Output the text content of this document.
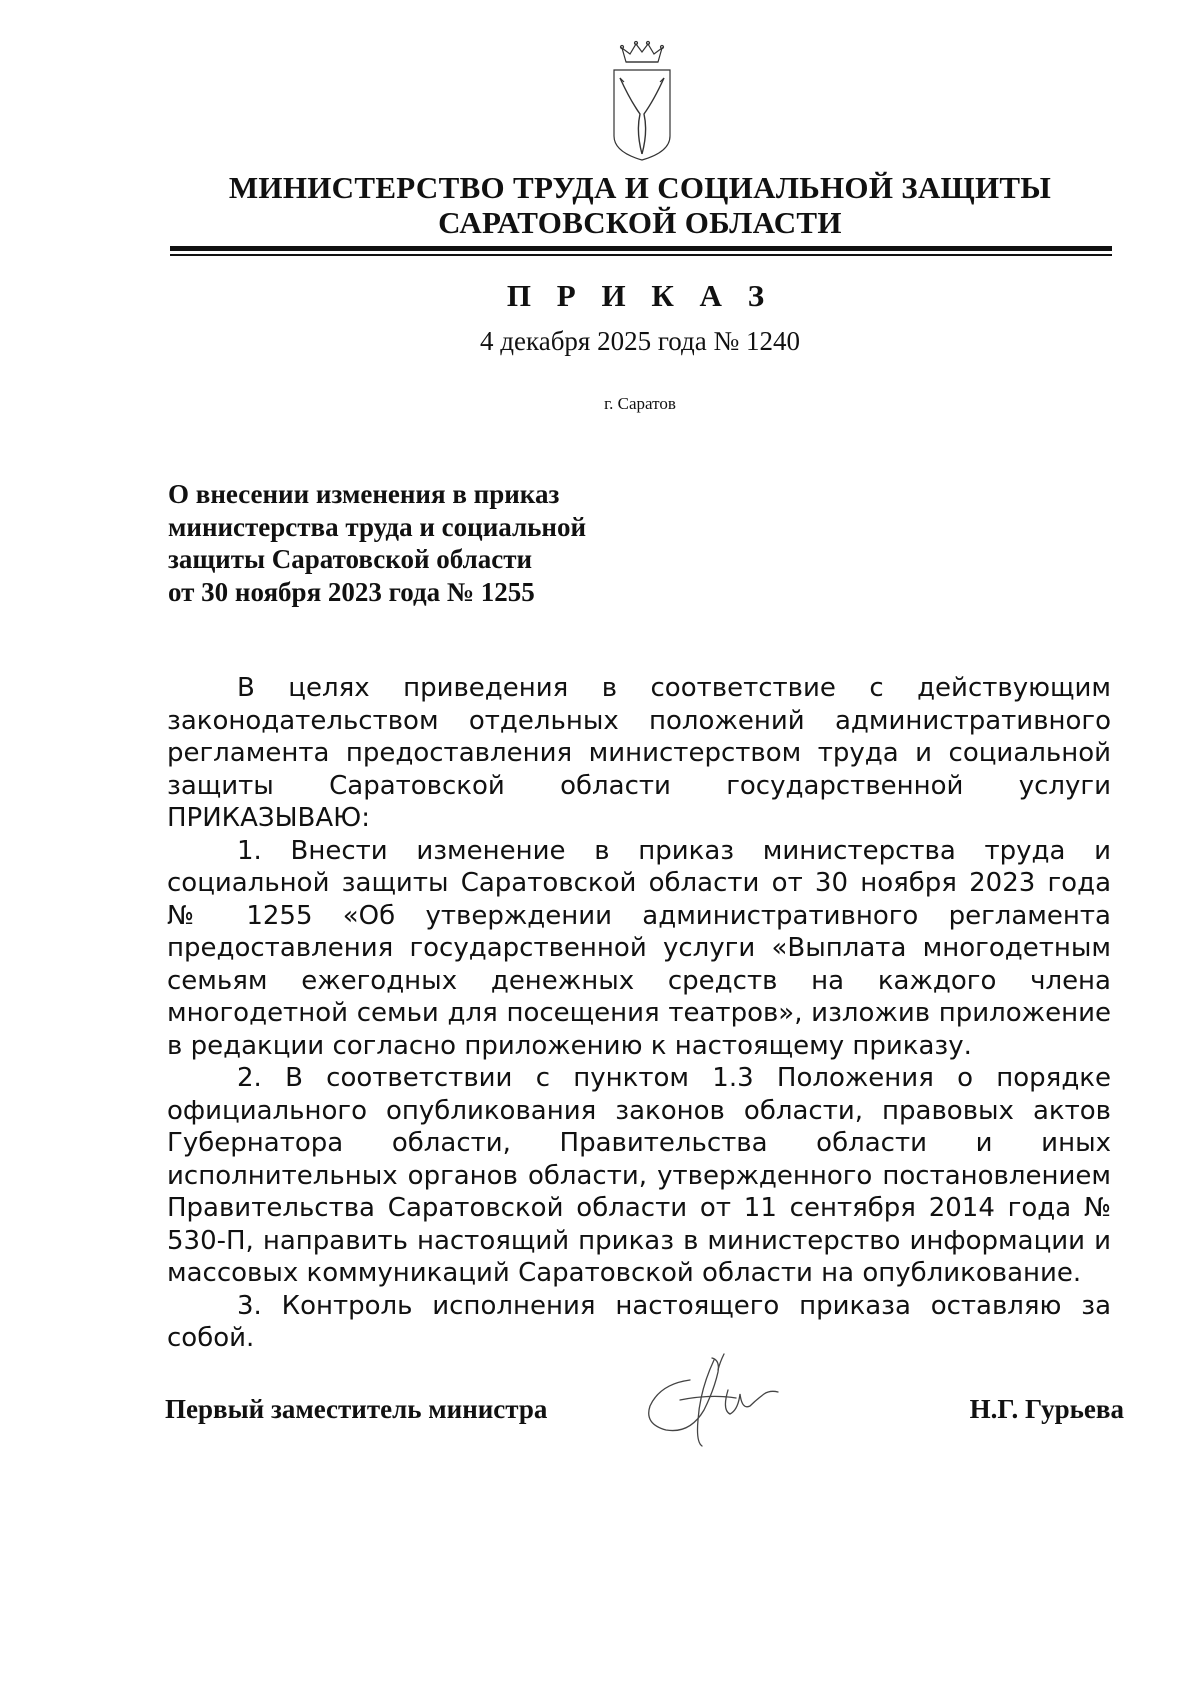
МИНИСТЕРСТВО ТРУДА И СОЦИАЛЬНОЙ ЗАЩИТЫ
САРАТОВСКОЙ ОБЛАСТИ
П Р И К А З
4 декабря 2025 года № 1240
г. Саратов
О внесении изменения в приказ
министерства труда и социальной
защиты Саратовской области
от 30 ноября 2023 года № 1255

В целях приведения в соответствие с действующим законодательством отдельных положений административного регламента предоставления министерством труда и социальной защиты Саратовской области государственной услуги ПРИКАЗЫВАЮ:

1. Внести изменение в приказ министерства труда и социальной защиты Саратовской области от 30 ноября 2023 года № 1255 «Об утверждении административного регламента предоставления государственной услуги «Выплата многодетным семьям ежегодных денежных средств на каждого члена многодетной семьи для посещения театров», изложив приложение в редакции согласно приложению к настоящему приказу.

2. В соответствии с пунктом 1.3 Положения о порядке официального опубликования законов области, правовых актов Губернатора области, Правительства области и иных исполнительных органов области, утвержденного постановлением Правительства Саратовской области от 11 сентября 2014 года № 530-П, направить настоящий приказ в министерство информации и массовых коммуникаций Саратовской области на опубликование.

3. Контроль исполнения настоящего приказа оставляю за собой.

Первый заместитель министра	Н.Г. Гурьева
